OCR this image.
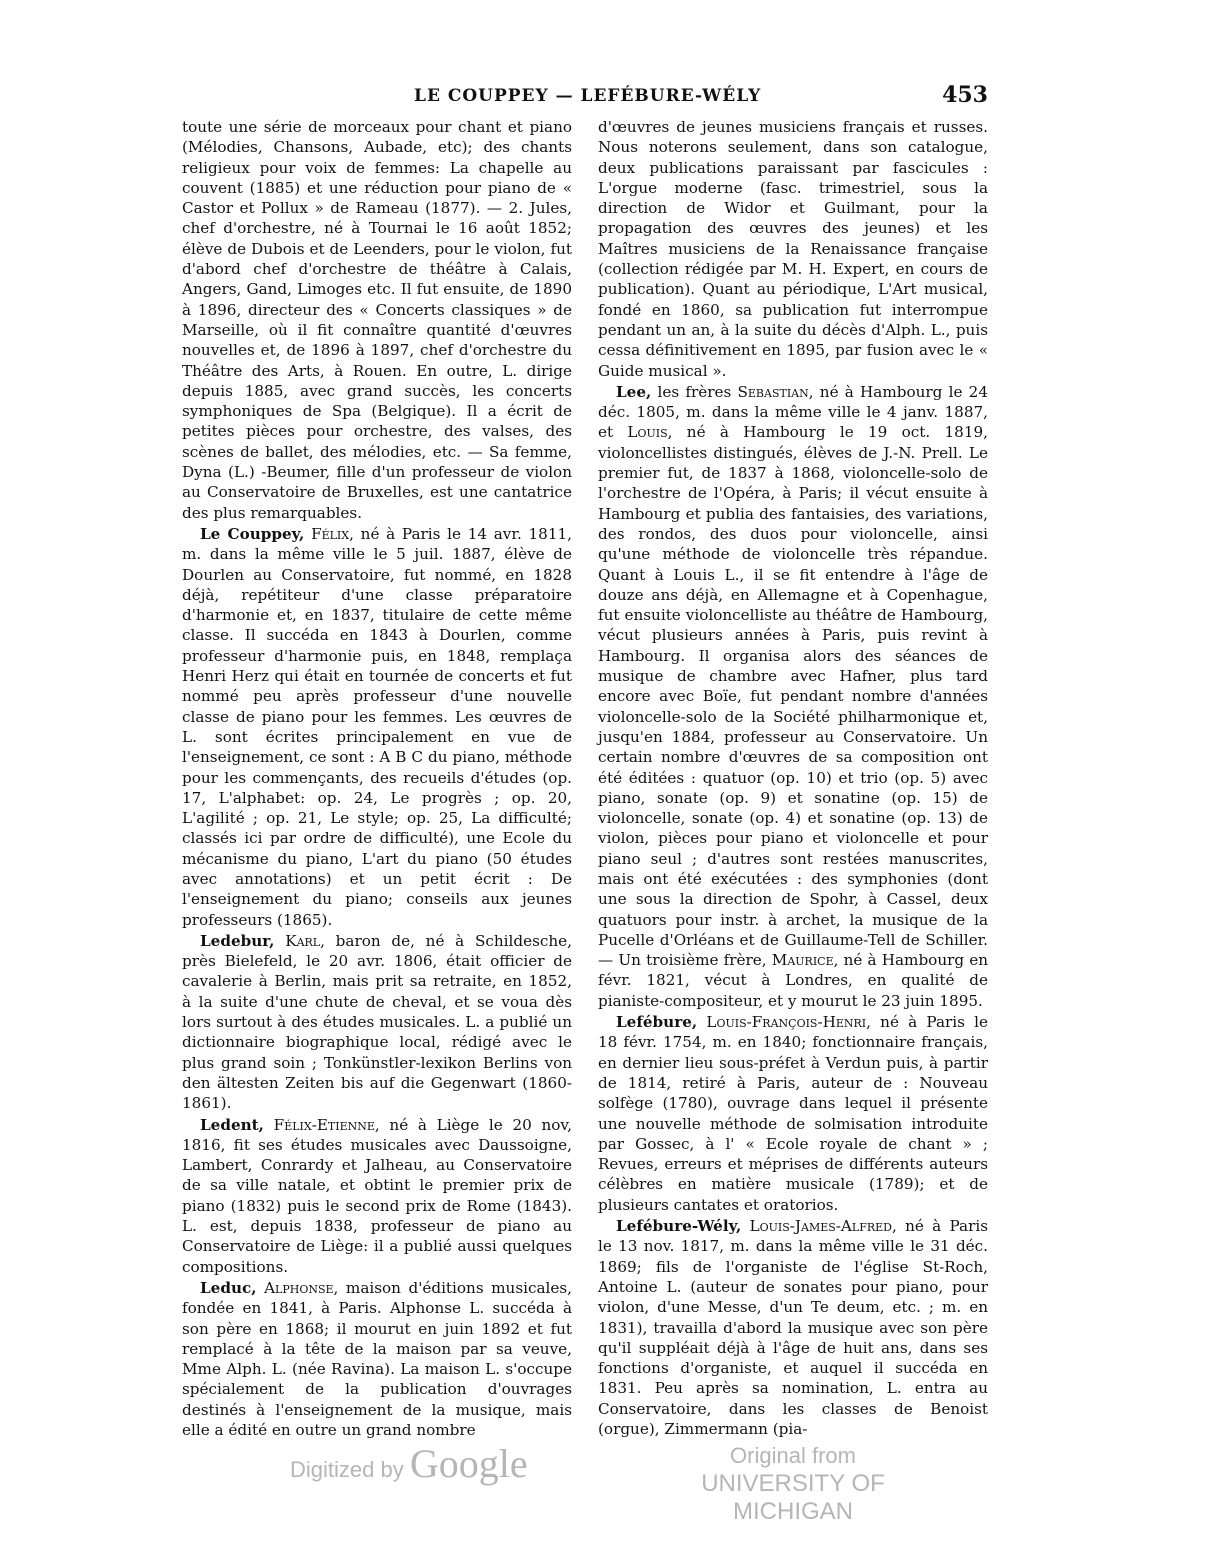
LE COUPPEY — LEFÉBURE-WÉLY	453

toute une série de morceaux pour chant et piano (Mélodies, Chansons, Aubade, etc); des chants religieux pour voix de femmes: La chapelle au couvent (1885) et une réduction pour piano de « Castor et Pollux » de Rameau (1877). — 2. Jules, chef d'orchestre, né à Tournai le 16 août 1852; élève de Dubois et de Leenders, pour le violon, fut d'abord chef d'orchestre de théâtre à Calais, Angers, Gand, Limoges etc. Il fut ensuite, de 1890 à 1896, directeur des « Concerts classiques » de Marseille, où il fit connaître quantité d'œuvres nouvelles et, de 1896 à 1897, chef d'orchestre du Théâtre des Arts, à Rouen. En outre, L. dirige depuis 1885, avec grand succès, les concerts symphoniques de Spa (Belgique). Il a écrit de petites pièces pour orchestre, des valses, des scènes de ballet, des mélodies, etc. — Sa femme, Dyna (L.) -Beumer, fille d'un professeur de violon au Conservatoire de Bruxelles, est une cantatrice des plus remarquables.

Le Couppey, Félix, né à Paris le 14 avr. 1811, m. dans la même ville le 5 juil. 1887, élève de Dourlen au Conservatoire, fut nommé, en 1828 déjà, repétiteur d'une classe préparatoire d'harmonie et, en 1837, titulaire de cette même classe. Il succéda en 1843 à Dourlen, comme professeur d'harmonie puis, en 1848, remplaça Henri Herz qui était en tournée de concerts et fut nommé peu après professeur d'une nouvelle classe de piano pour les femmes. Les œuvres de L. sont écrites principalement en vue de l'enseignement, ce sont : A B C du piano, méthode pour les commençants, des recueils d'études (op. 17, L'alphabet: op. 24, Le progrès ; op. 20, L'agilité ; op. 21, Le style; op. 25, La difficulté; classés ici par ordre de difficulté), une Ecole du mécanisme du piano, L'art du piano (50 études avec annotations) et un petit écrit : De l'enseignement du piano; conseils aux jeunes professeurs (1865).

Ledebur, Karl, baron de, né à Schildesche, près Bielefeld, le 20 avr. 1806, était officier de cavalerie à Berlin, mais prit sa retraite, en 1852, à la suite d'une chute de cheval, et se voua dès lors surtout à des études musicales. L. a publié un dictionnaire biographique local, rédigé avec le plus grand soin ; Tonkünstler-lexikon Berlins von den ältesten Zeiten bis auf die Gegenwart (1860-1861).

Ledent, Félix-Etienne, né à Liège le 20 nov, 1816, fit ses études musicales avec Daussoigne, Lambert, Conrardy et Jalheau, au Conservatoire de sa ville natale, et obtint le premier prix de piano (1832) puis le second prix de Rome (1843). L. est, depuis 1838, professeur de piano au Conservatoire de Liège: il a publié aussi quelques compositions.

Leduc, Alphonse, maison d'éditions musicales, fondée en 1841, à Paris. Alphonse L. succéda à son père en 1868; il mourut en juin 1892 et fut remplacé à la tête de la maison par sa veuve, Mme Alph. L. (née Ravina). La maison L. s'occupe spécialement de la publication d'ouvrages destinés à l'enseignement de la musique, mais elle a édité en outre un grand nombre

d'œuvres de jeunes musiciens français et russes. Nous noterons seulement, dans son catalogue, deux publications paraissant par fascicules : L'orgue moderne (fasc. trimestriel, sous la direction de Widor et Guilmant, pour la propagation des œuvres des jeunes) et les Maîtres musiciens de la Renaissance française (collection rédigée par M. H. Expert, en cours de publication). Quant au périodique, L'Art musical, fondé en 1860, sa publication fut interrompue pendant un an, à la suite du décès d'Alph. L., puis cessa définitivement en 1895, par fusion avec le « Guide musical ».

Lee, les frères Sebastian, né à Hambourg le 24 déc. 1805, m. dans la même ville le 4 janv. 1887, et Louis, né à Hambourg le 19 oct. 1819, violoncellistes distingués, élèves de J.-N. Prell. Le premier fut, de 1837 à 1868, violoncelle-solo de l'orchestre de l'Opéra, à Paris; il vécut ensuite à Hambourg et publia des fantaisies, des variations, des rondos, des duos pour violoncelle, ainsi qu'une méthode de violoncelle très répandue. Quant à Louis L., il se fit entendre à l'âge de douze ans déjà, en Allemagne et à Copenhague, fut ensuite violoncelliste au théâtre de Hambourg, vécut plusieurs années à Paris, puis revint à Hambourg. Il organisa alors des séances de musique de chambre avec Hafner, plus tard encore avec Boïe, fut pendant nombre d'années violoncelle-solo de la Société philharmonique et, jusqu'en 1884, professeur au Conservatoire. Un certain nombre d'œuvres de sa composition ont été éditées : quatuor (op. 10) et trio (op. 5) avec piano, sonate (op. 9) et sonatine (op. 15) de violoncelle, sonate (op. 4) et sonatine (op. 13) de violon, pièces pour piano et violoncelle et pour piano seul ; d'autres sont restées manuscrites, mais ont été exécutées : des symphonies (dont une sous la direction de Spohr, à Cassel, deux quatuors pour instr. à archet, la musique de la Pucelle d'Orléans et de Guillaume-Tell de Schiller. — Un troisième frère, Maurice, né à Hambourg en févr. 1821, vécut à Londres, en qualité de pianiste-compositeur, et y mourut le 23 juin 1895.

Lefébure, Louis-François-Henri, né à Paris le 18 févr. 1754, m. en 1840; fonctionnaire français, en dernier lieu sous-préfet à Verdun puis, à partir de 1814, retiré à Paris, auteur de : Nouveau solfège (1780), ouvrage dans lequel il présente une nouvelle méthode de solmisation introduite par Gossec, à l' « Ecole royale de chant » ; Revues, erreurs et méprises de différents auteurs célèbres en matière musicale (1789); et de plusieurs cantates et oratorios.

Lefébure-Wély, Louis-James-Alfred, né à Paris le 13 nov. 1817, m. dans la même ville le 31 déc. 1869; fils de l'organiste de l'église St-Roch, Antoine L. (auteur de sonates pour piano, pour violon, d'une Messe, d'un Te deum, etc. ; m. en 1831), travailla d'abord la musique avec son père qu'il suppléait déjà à l'âge de huit ans, dans ses fonctions d'organiste, et auquel il succéda en 1831. Peu après sa nomination, L. entra au Conservatoire, dans les classes de Benoist (orgue), Zimmermann (pia-

Digitized by Google	Original from
UNIVERSITY OF MICHIGAN
